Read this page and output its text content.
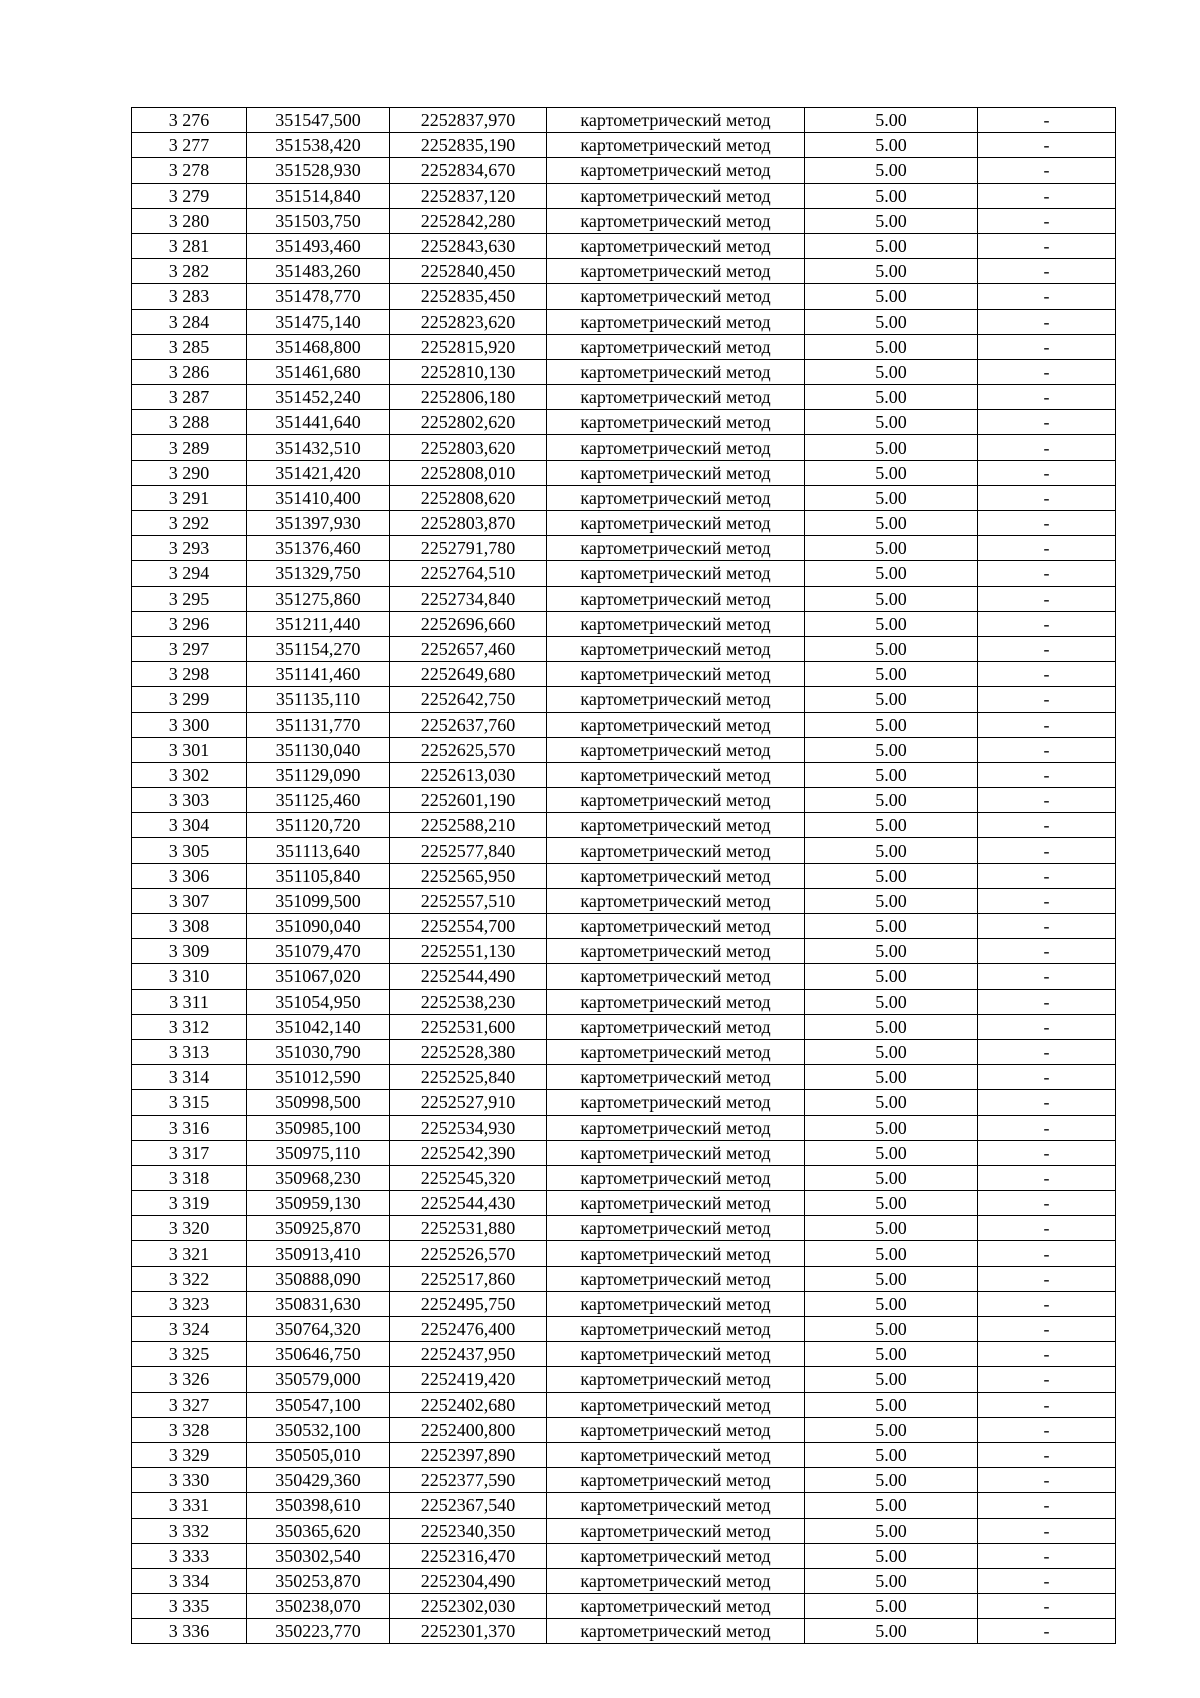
3 276	351547,500	2252837,970	картометрический метод	5.00	-
3 277	351538,420	2252835,190	картометрический метод	5.00	-
3 278	351528,930	2252834,670	картометрический метод	5.00	-
3 279	351514,840	2252837,120	картометрический метод	5.00	-
3 280	351503,750	2252842,280	картометрический метод	5.00	-
3 281	351493,460	2252843,630	картометрический метод	5.00	-
3 282	351483,260	2252840,450	картометрический метод	5.00	-
3 283	351478,770	2252835,450	картометрический метод	5.00	-
3 284	351475,140	2252823,620	картометрический метод	5.00	-
3 285	351468,800	2252815,920	картометрический метод	5.00	-
3 286	351461,680	2252810,130	картометрический метод	5.00	-
3 287	351452,240	2252806,180	картометрический метод	5.00	-
3 288	351441,640	2252802,620	картометрический метод	5.00	-
3 289	351432,510	2252803,620	картометрический метод	5.00	-
3 290	351421,420	2252808,010	картометрический метод	5.00	-
3 291	351410,400	2252808,620	картометрический метод	5.00	-
3 292	351397,930	2252803,870	картометрический метод	5.00	-
3 293	351376,460	2252791,780	картометрический метод	5.00	-
3 294	351329,750	2252764,510	картометрический метод	5.00	-
3 295	351275,860	2252734,840	картометрический метод	5.00	-
3 296	351211,440	2252696,660	картометрический метод	5.00	-
3 297	351154,270	2252657,460	картометрический метод	5.00	-
3 298	351141,460	2252649,680	картометрический метод	5.00	-
3 299	351135,110	2252642,750	картометрический метод	5.00	-
3 300	351131,770	2252637,760	картометрический метод	5.00	-
3 301	351130,040	2252625,570	картометрический метод	5.00	-
3 302	351129,090	2252613,030	картометрический метод	5.00	-
3 303	351125,460	2252601,190	картометрический метод	5.00	-
3 304	351120,720	2252588,210	картометрический метод	5.00	-
3 305	351113,640	2252577,840	картометрический метод	5.00	-
3 306	351105,840	2252565,950	картометрический метод	5.00	-
3 307	351099,500	2252557,510	картометрический метод	5.00	-
3 308	351090,040	2252554,700	картометрический метод	5.00	-
3 309	351079,470	2252551,130	картометрический метод	5.00	-
3 310	351067,020	2252544,490	картометрический метод	5.00	-
3 311	351054,950	2252538,230	картометрический метод	5.00	-
3 312	351042,140	2252531,600	картометрический метод	5.00	-
3 313	351030,790	2252528,380	картометрический метод	5.00	-
3 314	351012,590	2252525,840	картометрический метод	5.00	-
3 315	350998,500	2252527,910	картометрический метод	5.00	-
3 316	350985,100	2252534,930	картометрический метод	5.00	-
3 317	350975,110	2252542,390	картометрический метод	5.00	-
3 318	350968,230	2252545,320	картометрический метод	5.00	-
3 319	350959,130	2252544,430	картометрический метод	5.00	-
3 320	350925,870	2252531,880	картометрический метод	5.00	-
3 321	350913,410	2252526,570	картометрический метод	5.00	-
3 322	350888,090	2252517,860	картометрический метод	5.00	-
3 323	350831,630	2252495,750	картометрический метод	5.00	-
3 324	350764,320	2252476,400	картометрический метод	5.00	-
3 325	350646,750	2252437,950	картометрический метод	5.00	-
3 326	350579,000	2252419,420	картометрический метод	5.00	-
3 327	350547,100	2252402,680	картометрический метод	5.00	-
3 328	350532,100	2252400,800	картометрический метод	5.00	-
3 329	350505,010	2252397,890	картометрический метод	5.00	-
3 330	350429,360	2252377,590	картометрический метод	5.00	-
3 331	350398,610	2252367,540	картометрический метод	5.00	-
3 332	350365,620	2252340,350	картометрический метод	5.00	-
3 333	350302,540	2252316,470	картометрический метод	5.00	-
3 334	350253,870	2252304,490	картометрический метод	5.00	-
3 335	350238,070	2252302,030	картометрический метод	5.00	-
3 336	350223,770	2252301,370	картометрический метод	5.00	-
